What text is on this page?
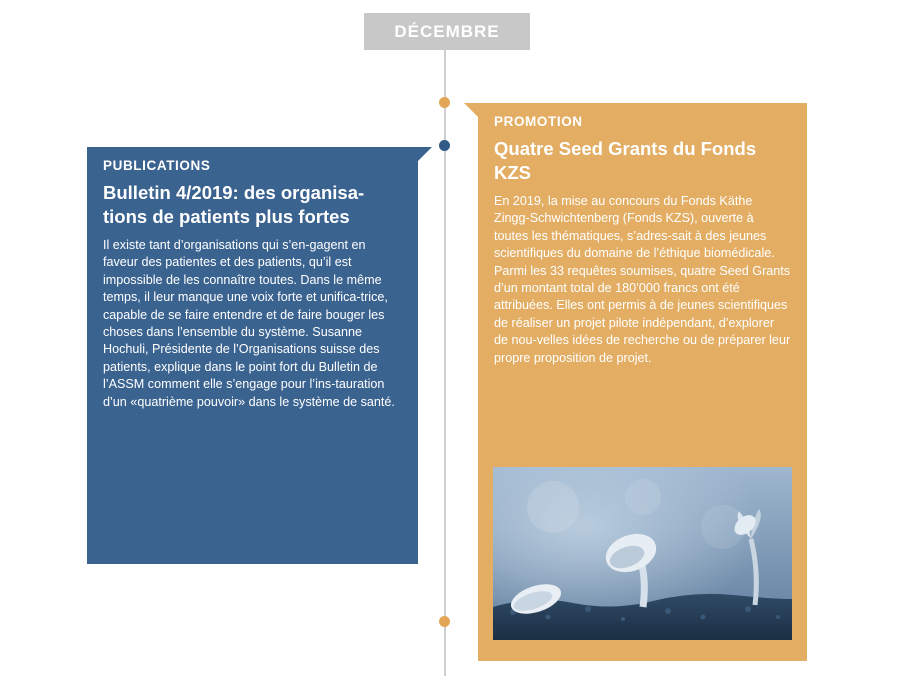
DÉCEMBRE
PUBLICATIONS
Bulletin 4/2019: des organisa-tions de patients plus fortes

Il existe tant d’organisations qui s’en-gagent en faveur des patientes et des patients, qu’il est impossible de les connaître toutes. Dans le même temps, il leur manque une voix forte et unifica-trice, capable de se faire entendre et de faire bouger les choses dans l’ensemble du système. Susanne Hochuli, Présidente de l’Organisations suisse des patients, explique dans le point fort du Bulletin de l’ASSM comment elle s’engage pour l’ins-tauration d’un «quatrième pouvoir» dans le système de santé.

PROMOTION
Quatre Seed Grants du Fonds KZS

En 2019, la mise au concours du Fonds Käthe Zingg-Schwichtenberg (Fonds KZS), ouverte à toutes les thématiques, s’adres-sait à des jeunes scientifiques du domaine de l’éthique biomédicale. Parmi les 33 requêtes soumises, quatre Seed Grants d’un montant total de 180’000 francs ont été attribuées. Elles ont permis à de jeunes scientifiques de réaliser un projet pilote indépendant, d’explorer de nou-velles idées de recherche ou de préparer leur propre proposition de projet.
